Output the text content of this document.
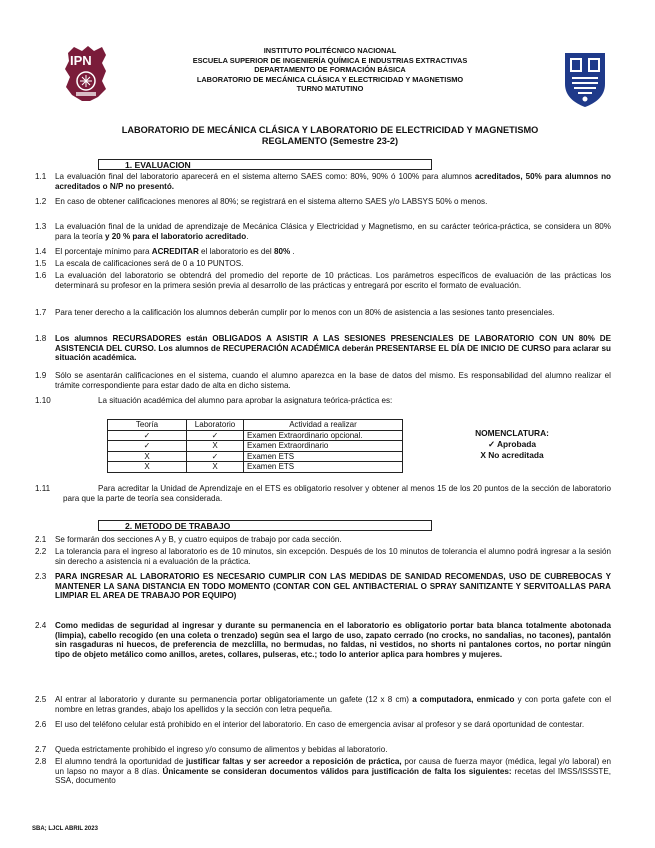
IPN
INSTITUTO POLITÉCNICO NACIONAL
ESCUELA SUPERIOR DE INGENIERÍA QUÍMICA E INDUSTRIAS EXTRACTIVAS
DEPARTAMENTO DE FORMACIÓN BÁSICA
LABORATORIO DE MECÁNICA CLÁSICA Y ELECTRICIDAD Y MAGNETISMO
TURNO MATUTINO
LABORATORIO DE MECÁNICA CLÁSICA Y LABORATORIO DE ELECTRICIDAD Y MAGNETISMO
REGLAMENTO (Semestre 23-2)
1. EVALUACION
1.1 La evaluación final del laboratorio aparecerá en el sistema alterno SAES como: 80%, 90% ó 100% para alumnos acreditados, 50% para alumnos no acreditados o N/P no presentó.
1.2 En caso de obtener calificaciones menores al 80%; se registrará en el sistema alterno SAES y/o LABSYS 50% o menos.
1.3 La evaluación final de la unidad de aprendizaje de Mecánica Clásica y Electricidad y Magnetismo, en su carácter teórica-práctica, se considera un 80% para la teoría y 20 % para el laboratorio acreditado.
1.4 El porcentaje mínimo para ACREDITAR el laboratorio es del 80% .
1.5 La escala de calificaciones será de 0 a 10 PUNTOS.
1.6 La evaluación del laboratorio se obtendrá del promedio del reporte de 10 prácticas. Los parámetros específicos de evaluación de las prácticas los determinará su profesor en la primera sesión previa al desarrollo de las prácticas y entregará por escrito el formato de evaluación.
1.7 Para tener derecho a la calificación los alumnos deberán cumplir por lo menos con un 80% de asistencia a las sesiones tanto presenciales.
1.8 Los alumnos RECURSADORES están OBLIGADOS A ASISTIR A LAS SESIONES PRESENCIALES DE LABORATORIO CON UN 80% DE ASISTENCIA DEL CURSO. Los alumnos de RECUPERACIÓN ACADÉMICA deberán PRESENTARSE EL DÍA DE INICIO DE CURSO para aclarar su situación académica.
1.9 Sólo se asentarán calificaciones en el sistema, cuando el alumno aparezca en la base de datos del mismo. Es responsabilidad del alumno realizar el trámite correspondiente para estar dado de alta en dicho sistema.
1.10	La situación académica del alumno para aprobar la asignatura teórica-práctica es:
Teoría	Laboratorio	Actividad a realizar
✓	✓	Examen Extraordinario opcional.
✓	X	Examen Extraordinario
X	✓	Examen ETS
X	X	Examen ETS
NOMENCLATURA:
✓ Aprobada
X No acreditada
1.11	Para acreditar la Unidad de Aprendizaje en el ETS es obligatorio resolver y obtener al menos 15 de los 20 puntos de la sección de laboratorio para que la parte de teoría sea considerada.
2. METODO DE TRABAJO
2.1 Se formarán dos secciones A y B, y cuatro equipos de trabajo por cada sección.
2.2 La tolerancia para el ingreso al laboratorio es de 10 minutos, sin excepción. Después de los 10 minutos de tolerancia el alumno podrá ingresar a la sesión sin derecho a asistencia ni a evaluación de la práctica.
2.3 PARA INGRESAR AL LABORATORIO ES NECESARIO CUMPLIR CON LAS MEDIDAS DE SANIDAD RECOMENDAS, USO DE CUBREBOCAS Y MANTENER LA SANA DISTANCIA EN TODO MOMENTO (CONTAR CON GEL ANTIBACTERIAL O SPRAY SANITIZANTE Y SERVITOALLAS PARA LIMPIAR EL AREA DE TRABAJO POR EQUIPO)
2.4 Como medidas de seguridad al ingresar y durante su permanencia en el laboratorio es obligatorio portar bata blanca totalmente abotonada (limpia), cabello recogido (en una coleta o trenzado) según sea el largo de uso, zapato cerrado (no crocks, no sandalias, no tacones), pantalón sin rasgaduras ni huecos, de preferencia de mezclilla, no bermudas, no faldas, ni vestidos, no shorts ni pantalones cortos, no portar ningún tipo de objeto metálico como anillos, aretes, collares, pulseras, etc.; todo lo anterior aplica para hombres y mujeres.
2.5 Al entrar al laboratorio y durante su permanencia portar obligatoriamente un gafete (12 x 8 cm) a computadora, enmicado y con porta gafete con el nombre en letras grandes, abajo los apellidos y la sección con letra pequeña.
2.6 El uso del teléfono celular está prohibido en el interior del laboratorio. En caso de emergencia avisar al profesor y se dará oportunidad de contestar.
2.7 Queda estrictamente prohibido el ingreso y/o consumo de alimentos y bebidas al laboratorio.
2.8 El alumno tendrá la oportunidad de justificar faltas y ser acreedor a reposición de práctica, por causa de fuerza mayor (médica, legal y/o laboral) en un lapso no mayor a 8 días. Únicamente se consideran documentos válidos para justificación de falta los siguientes: recetas del IMSS/ISSSTE, SSA, documento
SBA; LJCL ABRIL 2023
